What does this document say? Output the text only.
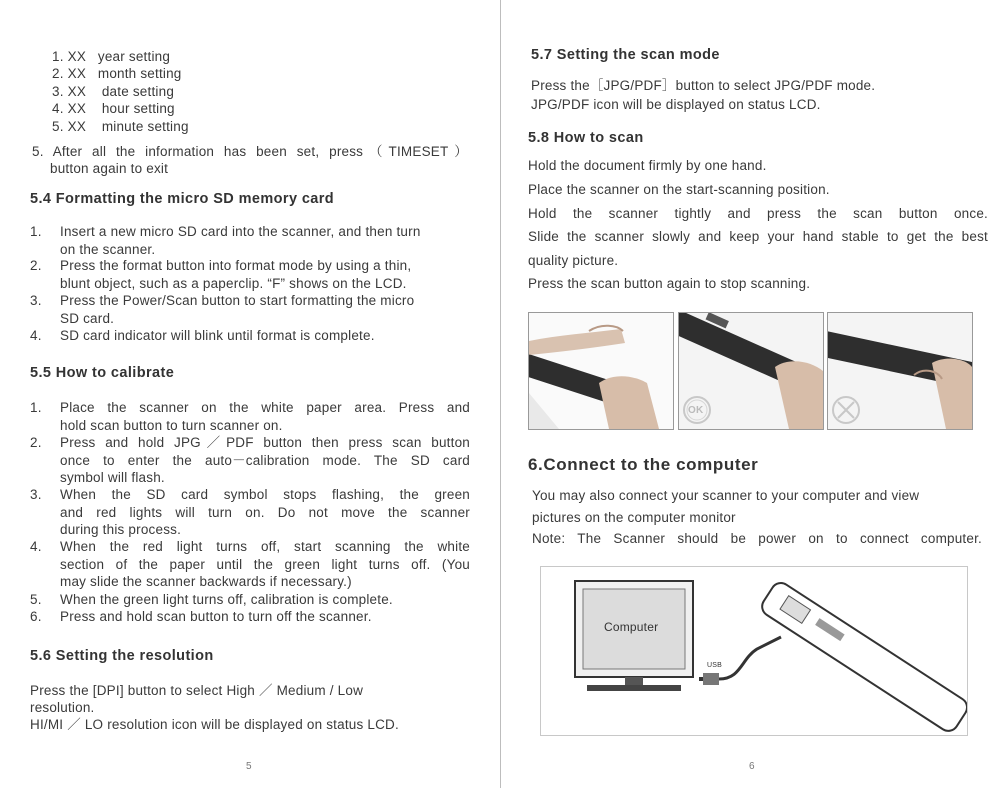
1. XX   year setting
2. XX   month setting
3. XX    date setting
4. XX    hour setting
5. XX    minute setting
5. After all the information has been set, press（TIMESET）
button again to exit
5.4 Formatting the micro SD memory card
1. Insert a new micro SD card into the scanner, and then turn
on the scanner.
2. Press the format button into format mode by using a thin,
blunt object, such as a paperclip. “F” shows on the LCD.
3. Press the Power/Scan button to start formatting the micro
SD card.
4. SD card indicator will blink until format is complete.
5.5 How to calibrate
1. Place the scanner on the white paper area. Press and
hold scan button to turn scanner on.
2. Press and hold JPG／PDF button then press scan button
once to enter the auto－calibration mode. The SD card
symbol will flash.
3. When the SD card symbol stops flashing, the green
and red lights will turn on. Do not move the scanner
during this process.
4. When the red light turns off, start scanning the white
section of the paper until the green light turns off. (You
may slide the scanner backwards if necessary.)
5. When the green light turns off, calibration is complete.
6. Press and hold scan button to turn off the scanner.
5.6 Setting the resolution
Press the [DPI] button to select High ／ Medium / Low
resolution.
HI/MI ／ LO resolution icon will be displayed on status LCD.
5
5.7 Setting the scan mode
Press the［JPG/PDF］button to select JPG/PDF mode.
JPG/PDF icon will be displayed on status LCD.
5.8 How to scan
Hold the document firmly by one hand.
Place the scanner on the start-scanning position.
Hold the scanner tightly and press the scan button once.
Slide the scanner slowly and keep your hand stable to get the best
quality picture.
Press the scan button again to stop scanning.
OK
6.Connect to the computer
You may also connect your scanner to your computer and view
pictures on the computer monitor
Note: The Scanner should be power on to connect computer.
Computer
USB
6
